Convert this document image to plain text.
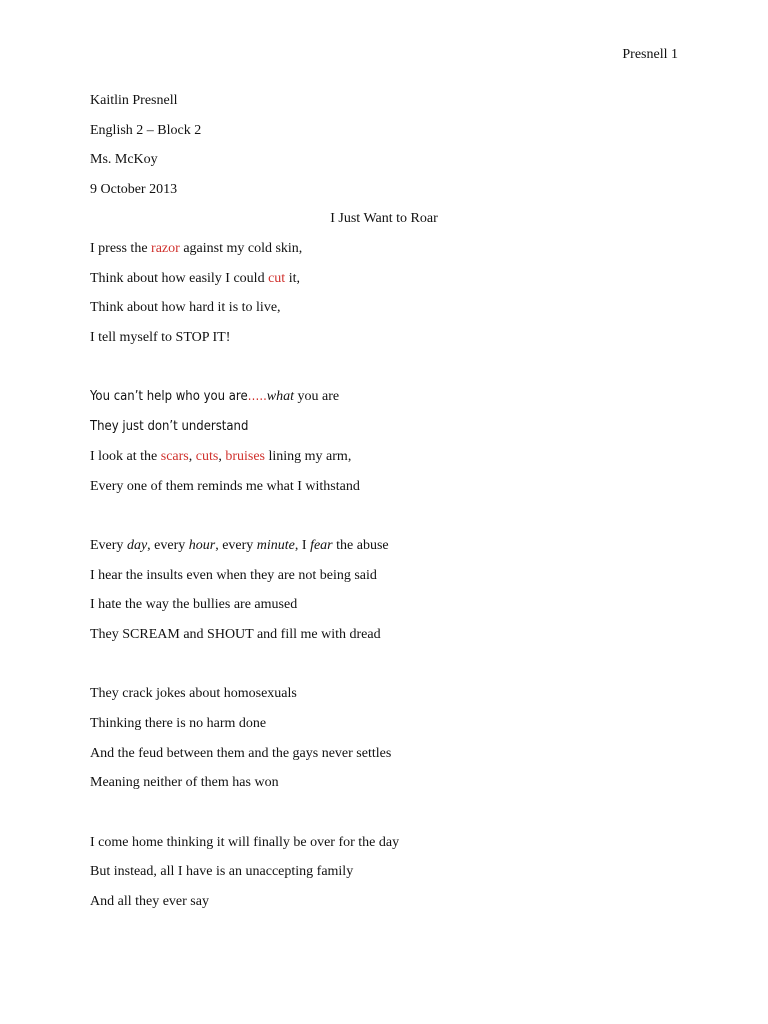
Presnell 1
Kaitlin Presnell
English 2 – Block 2
Ms. McKoy
9 October 2013
I Just Want to Roar
I press the razor against my cold skin,
Think about how easily I could cut it,
Think about how hard it is to live,
I tell myself to STOP IT!
You can’t help who you are…..what you are
They just don’t understand
I look at the scars, cuts, bruises lining my arm,
Every one of them reminds me what I withstand
Every day, every hour, every minute, I fear the abuse
I hear the insults even when they are not being said
I hate the way the bullies are amused
They SCREAM and SHOUT and fill me with dread
They crack jokes about homosexuals
Thinking there is no harm done
And the feud between them and the gays never settles
Meaning neither of them has won
I come home thinking it will finally be over for the day
But instead, all I have is an unaccepting family
And all they ever say
